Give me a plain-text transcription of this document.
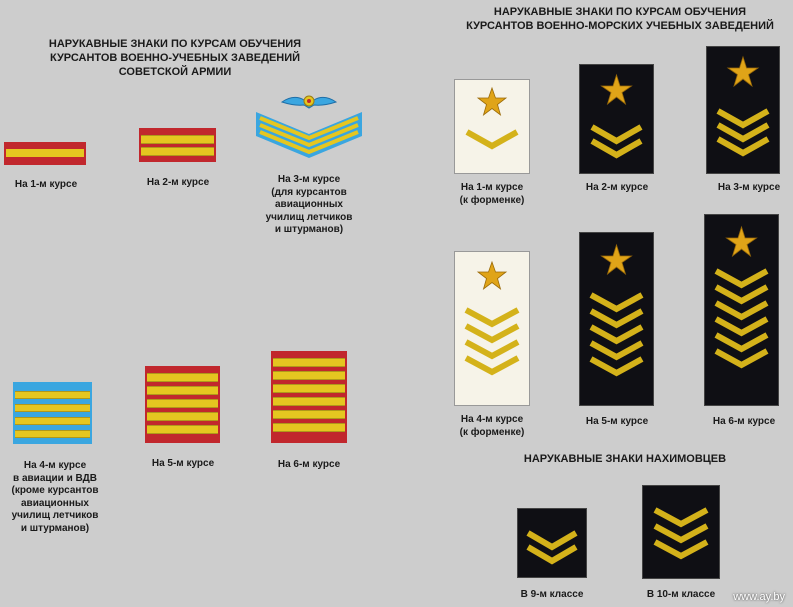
НАРУКАВНЫЕ ЗНАКИ ПО КУРСАМ ОБУЧЕНИЯ
КУРСАНТОВ ВОЕННО-УЧЕБНЫХ ЗАВЕДЕНИЙ
СОВЕТСКОЙ АРМИИ
На 1-м курсе	На 2-м курсе	На 3-м курсе
(для курсантов
авиационных
училищ летчиков
и штурманов)
На 4-м курсе
в авиации и ВДВ
(кроме курсантов
авиационных
училищ летчиков
и штурманов)
На 5-м курсе	На 6-м курсе
НАРУКАВНЫЕ ЗНАКИ ПО КУРСАМ ОБУЧЕНИЯ
КУРСАНТОВ ВОЕННО-МОРСКИХ УЧЕБНЫХ ЗАВЕДЕНИЙ
На 1-м курсе
(к форменке)
На 2-м курсе	На 3-м курсе
На 4-м курсе
(к форменке)
На 5-м курсе	На 6-м курсе
НАРУКАВНЫЕ ЗНАКИ НАХИМОВЦЕВ
В 9-м классе	В 10-м классе	www.ay.by
